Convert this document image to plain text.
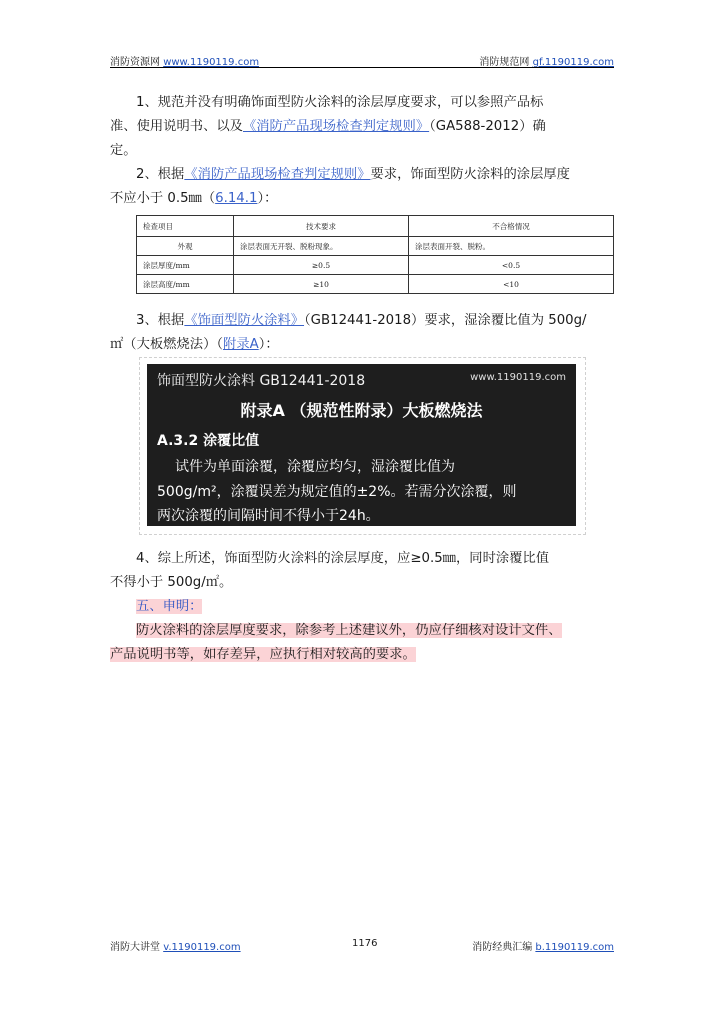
消防资源网 www.1190119.com	消防规范网 gf.1190119.com
1、规范并没有明确饰面型防火涂料的涂层厚度要求，可以参照产品标
准、使用说明书、以及《消防产品现场检查判定规则》（GA588-2012）确
定。
2、根据《消防产品现场检查判定规则》要求，饰面型防火涂料的涂层厚度
不应小于 0.5㎜（6.14.1）：
检查项目	技术要求	不合格情况
外观	涂层表面无开裂、脱粉现象。	涂层表面开裂、脱粉。
涂层厚度/mm	≥0.5	<0.5
涂层高度/mm	≥10	<10
3、根据《饰面型防火涂料》（GB12441-2018）要求，湿涂覆比值为 500g/
㎡（大板燃烧法）（附录A）：
饰面型防火涂料 GB12441-2018	www.1190119.com
附录A （规范性附录）大板燃烧法
A.3.2 涂覆比值
试件为单面涂覆，涂覆应均匀，湿涂覆比值为
500g/m²，涂覆误差为规定值的±2%。若需分次涂覆，则
两次涂覆的间隔时间不得小于24h。
4、综上所述，饰面型防火涂料的涂层厚度，应≥0.5㎜，同时涂覆比值
不得小于 500g/㎡。
五、申明：
防火涂料的涂层厚度要求，除参考上述建议外，仍应仔细核对设计文件、
产品说明书等，如存差异，应执行相对较高的要求。
消防大讲堂 v.1190119.com	1176	消防经典汇编 b.1190119.com
